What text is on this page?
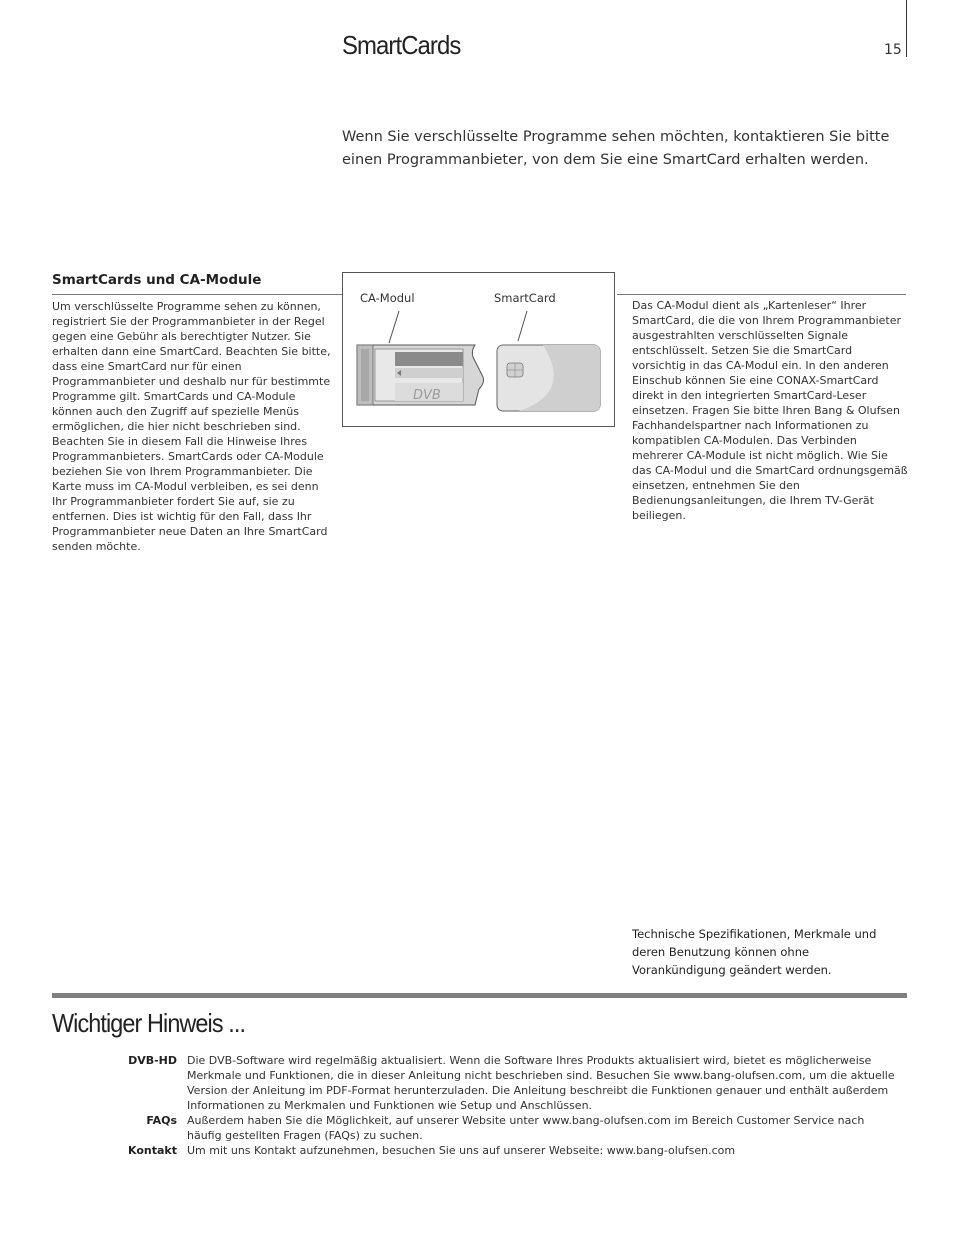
SmartCards	15
Wenn Sie verschlüsselte Programme sehen möchten, kontaktieren Sie bitte einen Programmanbieter, von dem Sie eine SmartCard erhalten werden.
SmartCards und CA-Module
Um verschlüsselte Programme sehen zu können, registriert Sie der Programmanbieter in der Regel gegen eine Gebühr als berechtigter Nutzer. Sie erhalten dann eine SmartCard. Beachten Sie bitte, dass eine SmartCard nur für einen Programmanbieter und deshalb nur für bestimmte Programme gilt. SmartCards und CA-Module können auch den Zugriff auf spezielle Menüs ermöglichen, die hier nicht beschrieben sind. Beachten Sie in diesem Fall die Hinweise Ihres Programmanbieters. SmartCards oder CA-Module beziehen Sie von Ihrem Programmanbieter. Die Karte muss im CA-Modul verbleiben, es sei denn Ihr Programmanbieter fordert Sie auf, sie zu entfernen. Dies ist wichtig für den Fall, dass Ihr Programmanbieter neue Daten an Ihre SmartCard senden möchte.
CA-Modul	SmartCard
DVB
Das CA-Modul dient als „Kartenleser“ Ihrer SmartCard, die die von Ihrem Programmanbieter ausgestrahlten verschlüsselten Signale entschlüsselt. Setzen Sie die SmartCard vorsichtig in das CA-Modul ein. In den anderen Einschub können Sie eine CONAX-SmartCard direkt in den integrierten SmartCard-Leser einsetzen. Fragen Sie bitte Ihren Bang & Olufsen Fachhandelspartner nach Informationen zu kompatiblen CA-Modulen. Das Verbinden mehrerer CA-Module ist nicht möglich. Wie Sie das CA-Modul und die SmartCard ordnungsgemäß einsetzen, entnehmen Sie den Bedienungsanleitungen, die Ihrem TV-Gerät beiliegen.
Technische Spezifikationen, Merkmale und deren Benutzung können ohne Vorankündigung geändert werden.
Wichtiger Hinweis ...
DVB-HD Die DVB-Software wird regelmäßig aktualisiert. Wenn die Software Ihres Produkts aktualisiert wird, bietet es möglicherweise Merkmale und Funktionen, die in dieser Anleitung nicht beschrieben sind. Besuchen Sie www.bang-olufsen.com, um die aktuelle Version der Anleitung im PDF-Format herunterzuladen. Die Anleitung beschreibt die Funktionen genauer und enthält außerdem Informationen zu Merkmalen und Funktionen wie Setup und Anschlüssen.
FAQs Außerdem haben Sie die Möglichkeit, auf unserer Website unter www.bang-olufsen.com im Bereich Customer Service nach häufig gestellten Fragen (FAQs) zu suchen.
Kontakt Um mit uns Kontakt aufzunehmen, besuchen Sie uns auf unserer Webseite: www.bang-olufsen.com
